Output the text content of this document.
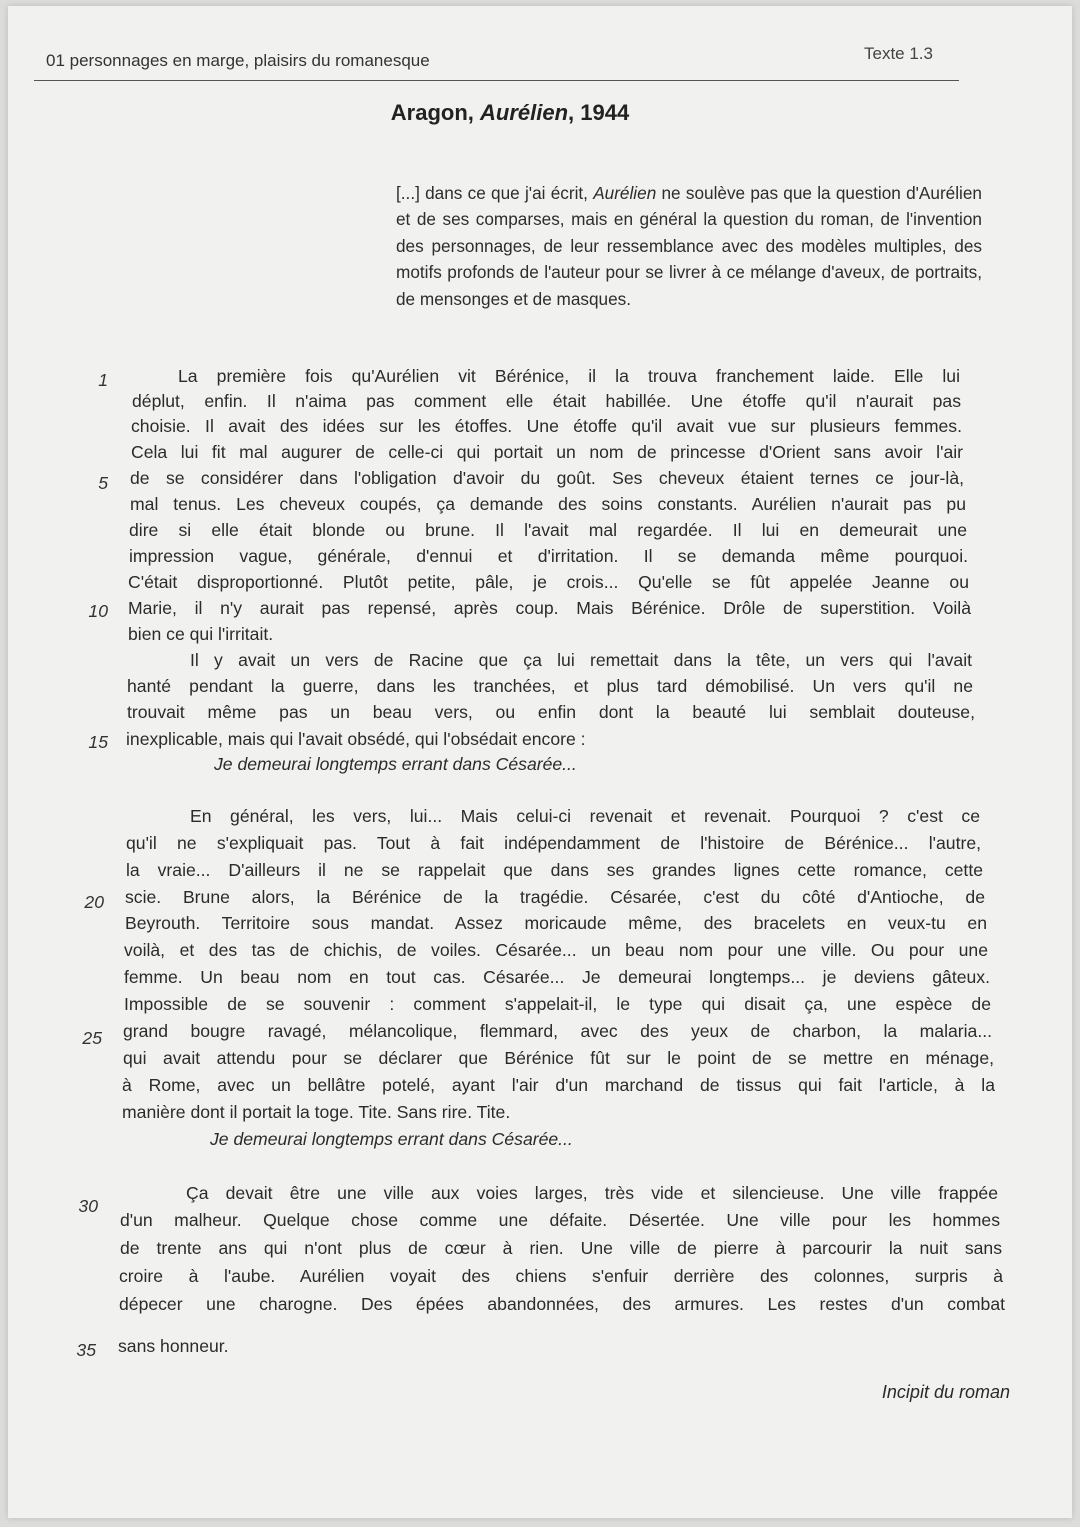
01 personnages en marge, plaisirs du romanesque	Texte 1.3
Aragon, Aurélien, 1944
[...] dans ce que j'ai écrit, Aurélien ne soulève pas que la question d'Aurélien et de ses comparses, mais en général la question du roman, de l'invention des personnages, de leur ressemblance avec des modèles multiples, des motifs profonds de l'auteur pour se livrer à ce mélange d'aveux, de portraits, de mensonges et de masques.
1
5
10
15
20
25
30
35
La première fois qu'Aurélien vit Bérénice, il la trouva franchement laide. Elle lui
déplut, enfin. Il n'aima pas comment elle était habillée. Une étoffe qu'il n'aurait pas
choisie. Il avait des idées sur les étoffes. Une étoffe qu'il avait vue sur plusieurs femmes.
Cela lui fit mal augurer de celle-ci qui portait un nom de princesse d'Orient sans avoir l'air
de se considérer dans l'obligation d'avoir du goût. Ses cheveux étaient ternes ce jour-là,
mal tenus. Les cheveux coupés, ça demande des soins constants. Aurélien n'aurait pas pu
dire si elle était blonde ou brune. Il l'avait mal regardée. Il lui en demeurait une
impression vague, générale, d'ennui et d'irritation. Il se demanda même pourquoi.
C'était disproportionné. Plutôt petite, pâle, je crois... Qu'elle se fût appelée Jeanne ou
Marie, il n'y aurait pas repensé, après coup. Mais Bérénice. Drôle de superstition. Voilà
bien ce qui l'irritait.
Il y avait un vers de Racine que ça lui remettait dans la tête, un vers qui l'avait
hanté pendant la guerre, dans les tranchées, et plus tard démobilisé. Un vers qu'il ne
trouvait même pas un beau vers, ou enfin dont la beauté lui semblait douteuse,
inexplicable, mais qui l'avait obsédé, qui l'obsédait encore :
Je demeurai longtemps errant dans Césarée...
En général, les vers, lui... Mais celui-ci revenait et revenait. Pourquoi ? c'est ce
qu'il ne s'expliquait pas. Tout à fait indépendamment de l'histoire de Bérénice... l'autre,
la vraie... D'ailleurs il ne se rappelait que dans ses grandes lignes cette romance, cette
scie. Brune alors, la Bérénice de la tragédie. Césarée, c'est du côté d'Antioche, de
Beyrouth. Territoire sous mandat. Assez moricaude même, des bracelets en veux-tu en
voilà, et des tas de chichis, de voiles. Césarée... un beau nom pour une ville. Ou pour une
femme. Un beau nom en tout cas. Césarée... Je demeurai longtemps... je deviens gâteux.
Impossible de se souvenir : comment s'appelait-il, le type qui disait ça, une espèce de
grand bougre ravagé, mélancolique, flemmard, avec des yeux de charbon, la malaria...
qui avait attendu pour se déclarer que Bérénice fût sur le point de se mettre en ménage,
à Rome, avec un bellâtre potelé, ayant l'air d'un marchand de tissus qui fait l'article, à la
manière dont il portait la toge. Tite. Sans rire. Tite.
Je demeurai longtemps errant dans Césarée...
Ça devait être une ville aux voies larges, très vide et silencieuse. Une ville frappée
d'un malheur. Quelque chose comme une défaite. Désertée. Une ville pour les hommes
de trente ans qui n'ont plus de cœur à rien. Une ville de pierre à parcourir la nuit sans
croire à l'aube. Aurélien voyait des chiens s'enfuir derrière des colonnes, surpris à
dépecer une charogne. Des épées abandonnées, des armures. Les restes d'un combat
sans honneur.
Incipit du roman
